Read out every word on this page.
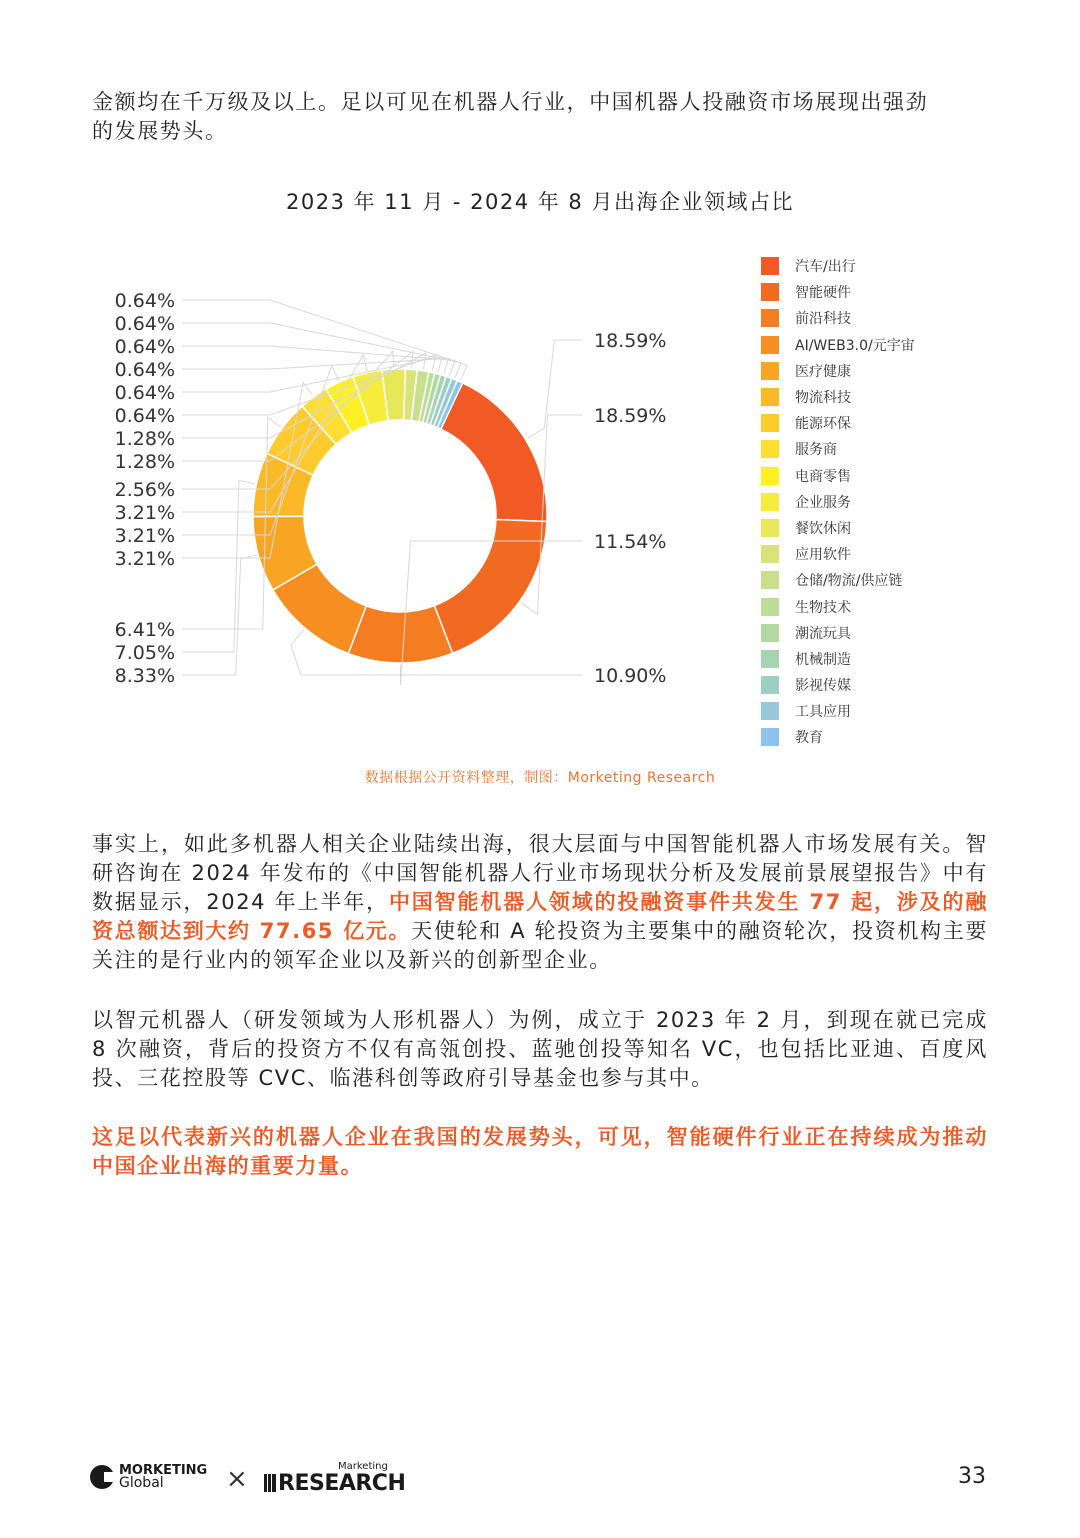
金额均在千万级及以上。足以可见在机器人行业，中国机器人投融资市场展现出强劲
的发展势头。

2023 年 11 月 - 2024 年 8 月出海企业领域占比
18.59%
18.59%
11.54%
10.90%
0.64%
0.64%
0.64%
0.64%
0.64%
0.64%
1.28%
1.28%
2.56%
3.21%
3.21%
3.21%
6.41%
7.05%
8.33%
汽车/出行
智能硬件
前沿科技
AI/WEB3.0/元宇宙
医疗健康
物流科技
能源环保
服务商
电商零售
企业服务
餐饮休闲
应用软件
仓储/物流/供应链
生物技术
潮流玩具
机械制造
影视传媒
工具应用
教育
数据根据公开资料整理，制图：Morketing Research

事实上，如此多机器人相关企业陆续出海，很大层面与中国智能机器人市场发展有关。智研咨询在 2024 年发布的《中国智能机器人行业市场现状分析及发展前景展望报告》中有数据显示，2024 年上半年，中国智能机器人领域的投融资事件共发生 77 起，涉及的融资总额达到大约 77.65 亿元。天使轮和 A 轮投资为主要集中的融资轮次，投资机构主要关注的是行业内的领军企业以及新兴的创新型企业。

以智元机器人（研发领域为人形机器人）为例，成立于 2023 年 2 月，到现在就已完成 8 次融资，背后的投资方不仅有高瓴创投、蓝驰创投等知名 VC，也包括比亚迪、百度风投、三花控股等 CVC、临港科创等政府引导基金也参与其中。

这足以代表新兴的机器人企业在我国的发展势头，可见，智能硬件行业正在持续成为推动中国企业出海的重要力量。

MORKETING
Global	×	Marketing
RESEARCH	33
